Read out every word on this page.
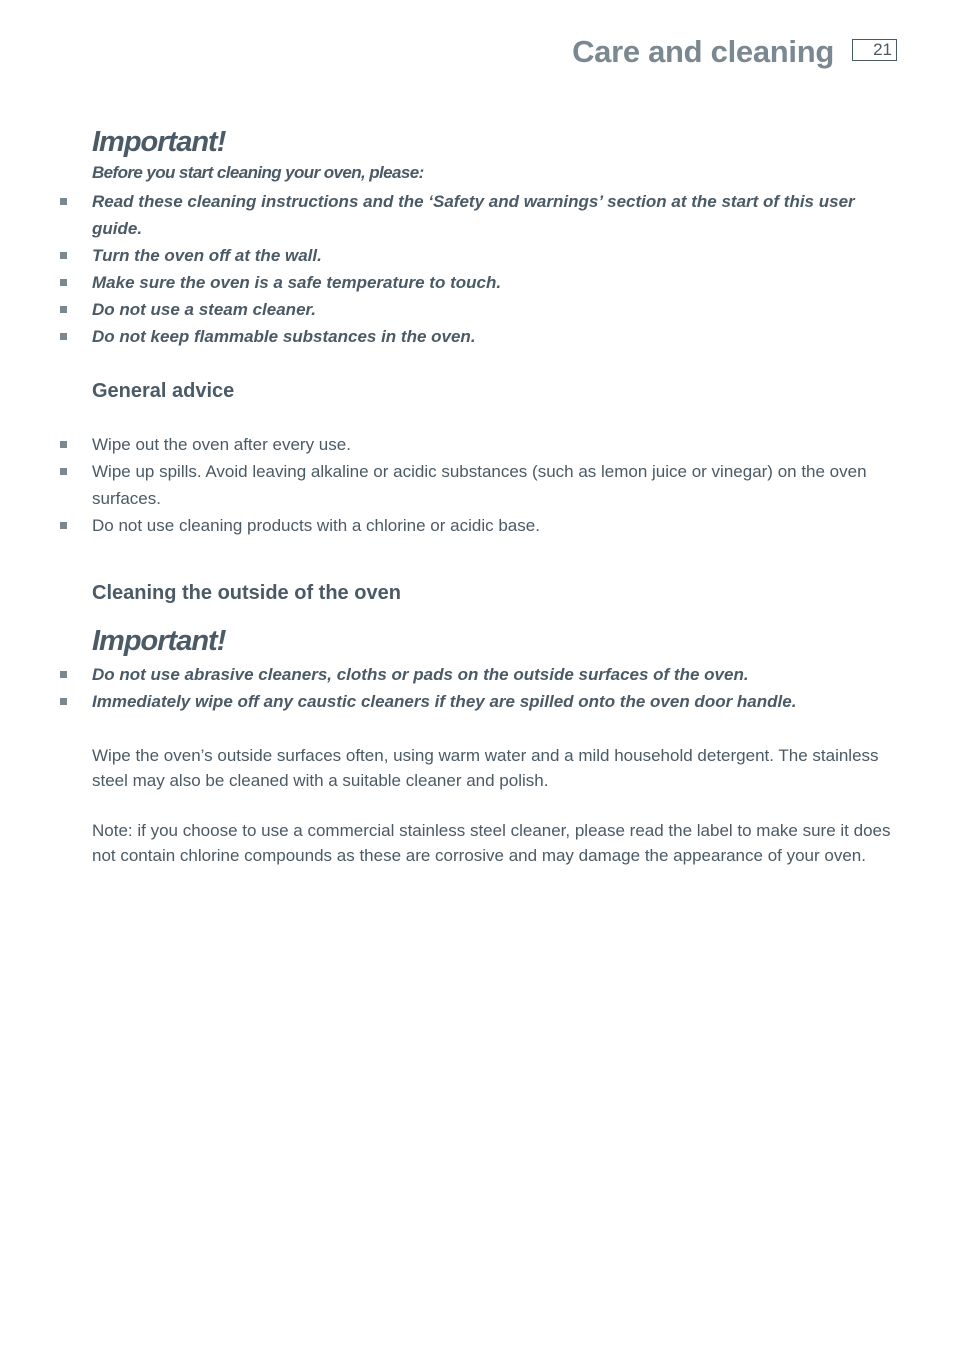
Care and cleaning	21
Important!

Before you start cleaning your oven, please:

Read these cleaning instructions and the ‘Safety and warnings’ section at the start of this user guide.
Turn the oven off at the wall.
Make sure the oven is a safe temperature to touch.
Do not use a steam cleaner.
Do not keep flammable substances in the oven.
General advice
Wipe out the oven after every use.
Wipe up spills. Avoid leaving alkaline or acidic substances (such as lemon juice or vinegar) on the oven surfaces.
Do not use cleaning products with a chlorine or acidic base.
Cleaning the outside of the oven
Important!
Do not use abrasive cleaners, cloths or pads on the outside surfaces of the oven.
Immediately wipe off any caustic cleaners if they are spilled onto the oven door handle.

Wipe the oven’s outside surfaces often, using warm water and a mild household detergent. The stainless steel may also be cleaned with a suitable cleaner and polish.

Note: if you choose to use a commercial stainless steel cleaner, please read the label to make sure it does not contain chlorine compounds as these are corrosive and may damage the appearance of your oven.
